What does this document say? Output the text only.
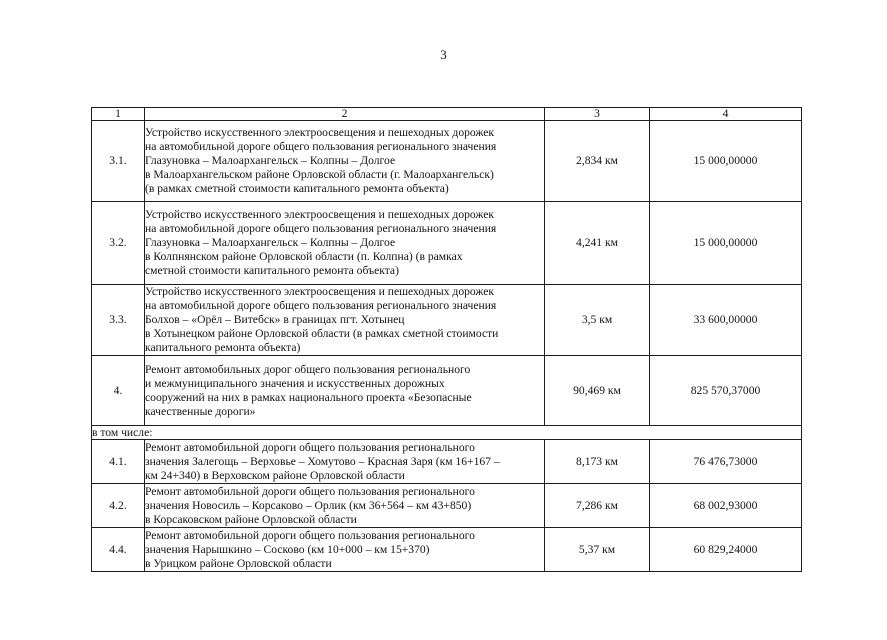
3
1	2	3	4
3.1.	Устройство искусственного электроосвещения и пешеходных дорожек
на автомобильной дороге общего пользования регионального значения
Глазуновка – Малоархангельск – Колпны – Долгое
в Малоархангельском районе Орловской области (г. Малоархангельск)
(в рамках сметной стоимости капитального ремонта объекта)	2,834 км	15 000,00000
3.2.	Устройство искусственного электроосвещения и пешеходных дорожек
на автомобильной дороге общего пользования регионального значения
Глазуновка – Малоархангельск – Колпны – Долгое
в Колпнянском районе Орловской области (п. Колпна) (в рамках
сметной стоимости капитального ремонта объекта)	4,241 км	15 000,00000
3.3.	Устройство искусственного электроосвещения и пешеходных дорожек
на автомобильной дороге общего пользования регионального значения
Болхов – «Орёл – Витебск» в границах пгт. Хотынец
в Хотынецком районе Орловской области (в рамках сметной стоимости
капитального ремонта объекта)	3,5 км	33 600,00000
4.	Ремонт автомобильных дорог общего пользования регионального
и межмуниципального значения и искусственных дорожных
сооружений на них в рамках национального проекта «Безопасные
качественные дороги»	90,469 км	825 570,37000
в том числе:			
4.1.	Ремонт автомобильной дороги общего пользования регионального
значения Залегощь – Верховье – Хомутово – Красная Заря (км 16+167 –
км 24+340) в Верховском районе Орловской области	8,173 км	76 476,73000
4.2.	Ремонт автомобильной дороги общего пользования регионального
значения Новосиль – Корсаково – Орлик (км 36+564 – км 43+850)
в Корсаковском районе Орловской области	7,286 км	68 002,93000
4.4.	Ремонт автомобильной дороги общего пользования регионального
значения Нарышкино – Сосково (км 10+000 – км 15+370)
в Урицком районе Орловской области	5,37 км	60 829,24000
